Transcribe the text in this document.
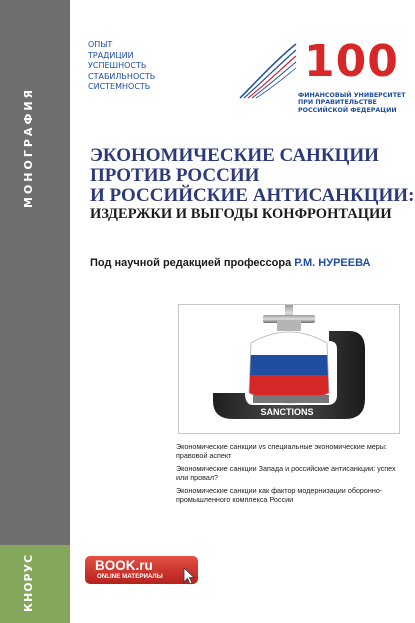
МОНОГРАФИЯ
КНОРУС
ОПЫТ
ТРАДИЦИИ
УСПЕШНОСТЬ
СТАБИЛЬНОСТЬ
СИСТЕМНОСТЬ	100
ФИНАНСОВЫЙ УНИВЕРСИТЕТ
ПРИ ПРАВИТЕЛЬСТВЕ
РОССИЙСКОЙ ФЕДЕРАЦИИ
ЭКОНОМИЧЕСКИЕ САНКЦИИ
ПРОТИВ РОССИИ
И РОССИЙСКИЕ АНТИСАНКЦИИ:
ИЗДЕРЖКИ И ВЫГОДЫ КОНФРОНТАЦИИ
Под научной редакцией профессора Р.М. НУРЕЕВА
SANCTIONS
Экономические санкции vs специальные экономические меры: правовой аспект
Экономические санкции Запада и российские антисанкции: успех или провал?
Экономические санкции как фактор модернизации оборонно-промышленного комплекса России
BOOK.ru
ONLINE МАТЕРИАЛЫ
